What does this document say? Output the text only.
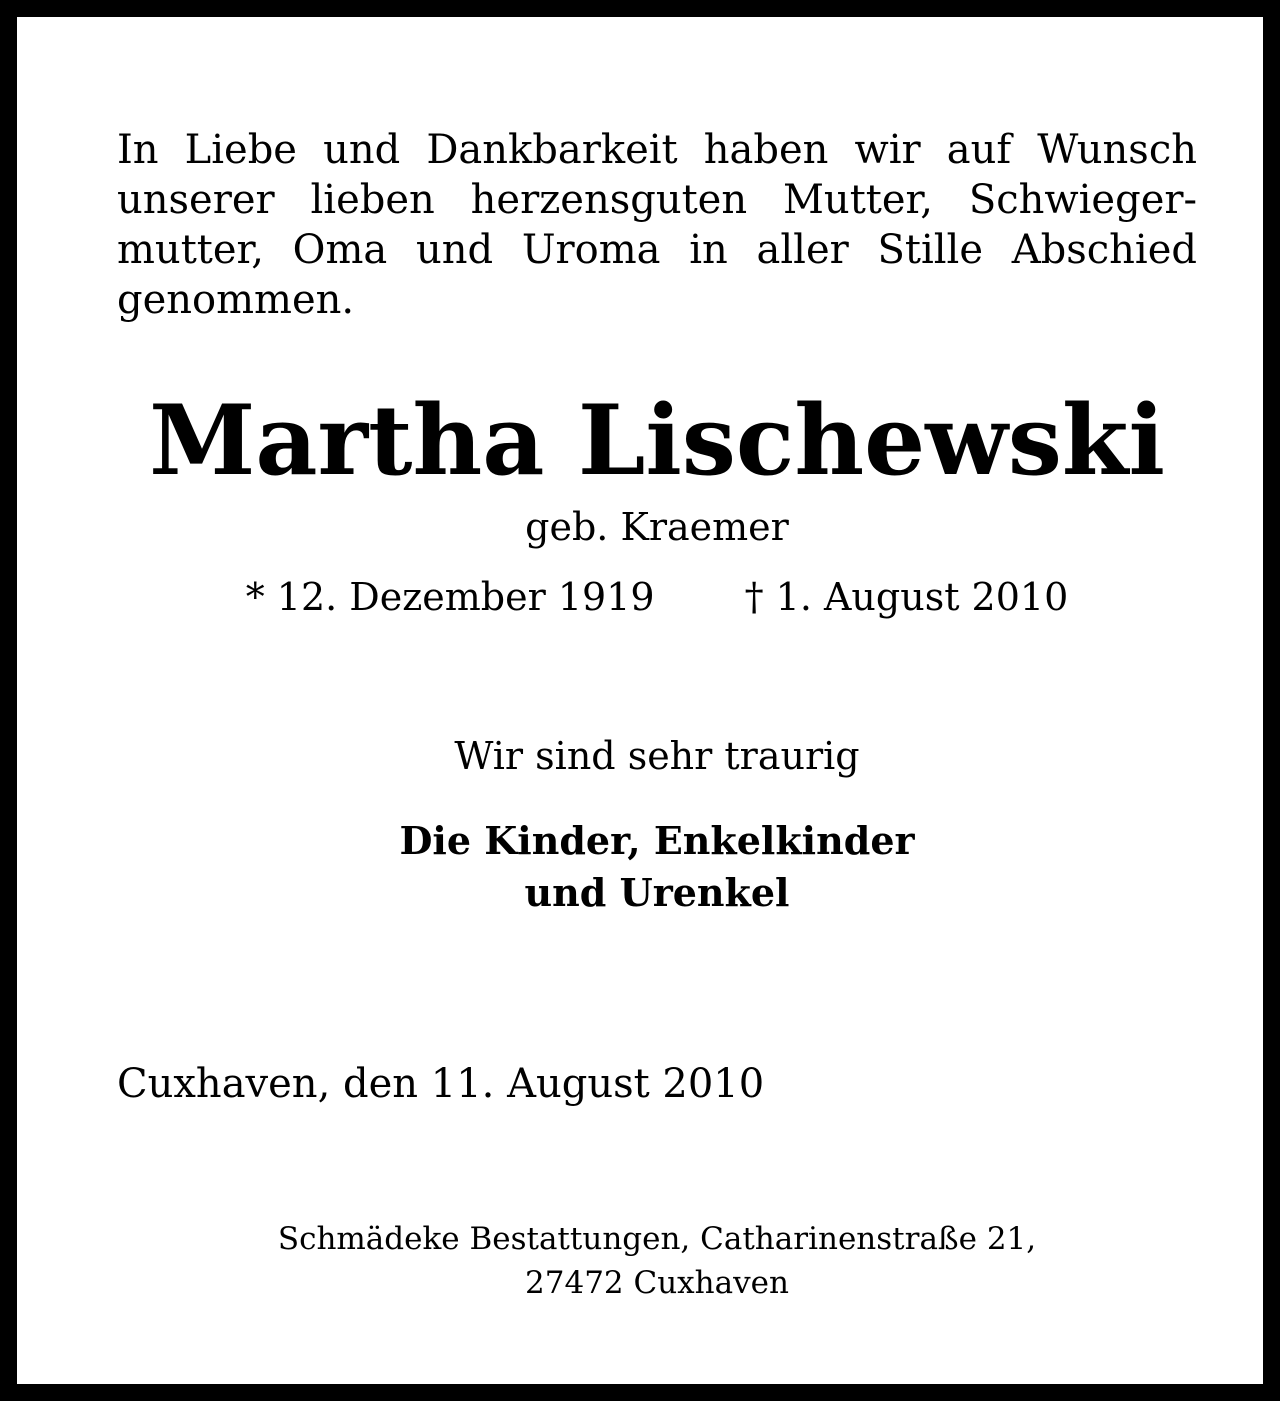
In Liebe und Dankbarkeit haben wir auf Wunsch
unserer lieben herzensguten Mutter, Schwieger-
mutter, Oma und Uroma in aller Stille Abschied
genommen.

Martha Lischewski
geb. Kraemer
* 12. Dezember 1919 † 1. August 2010
Wir sind sehr traurig
Die Kinder, Enkelkinder
und Urenkel
Cuxhaven, den 11. August 2010
Schmädeke Bestattungen, Catharinenstraße 21,
27472 Cuxhaven
